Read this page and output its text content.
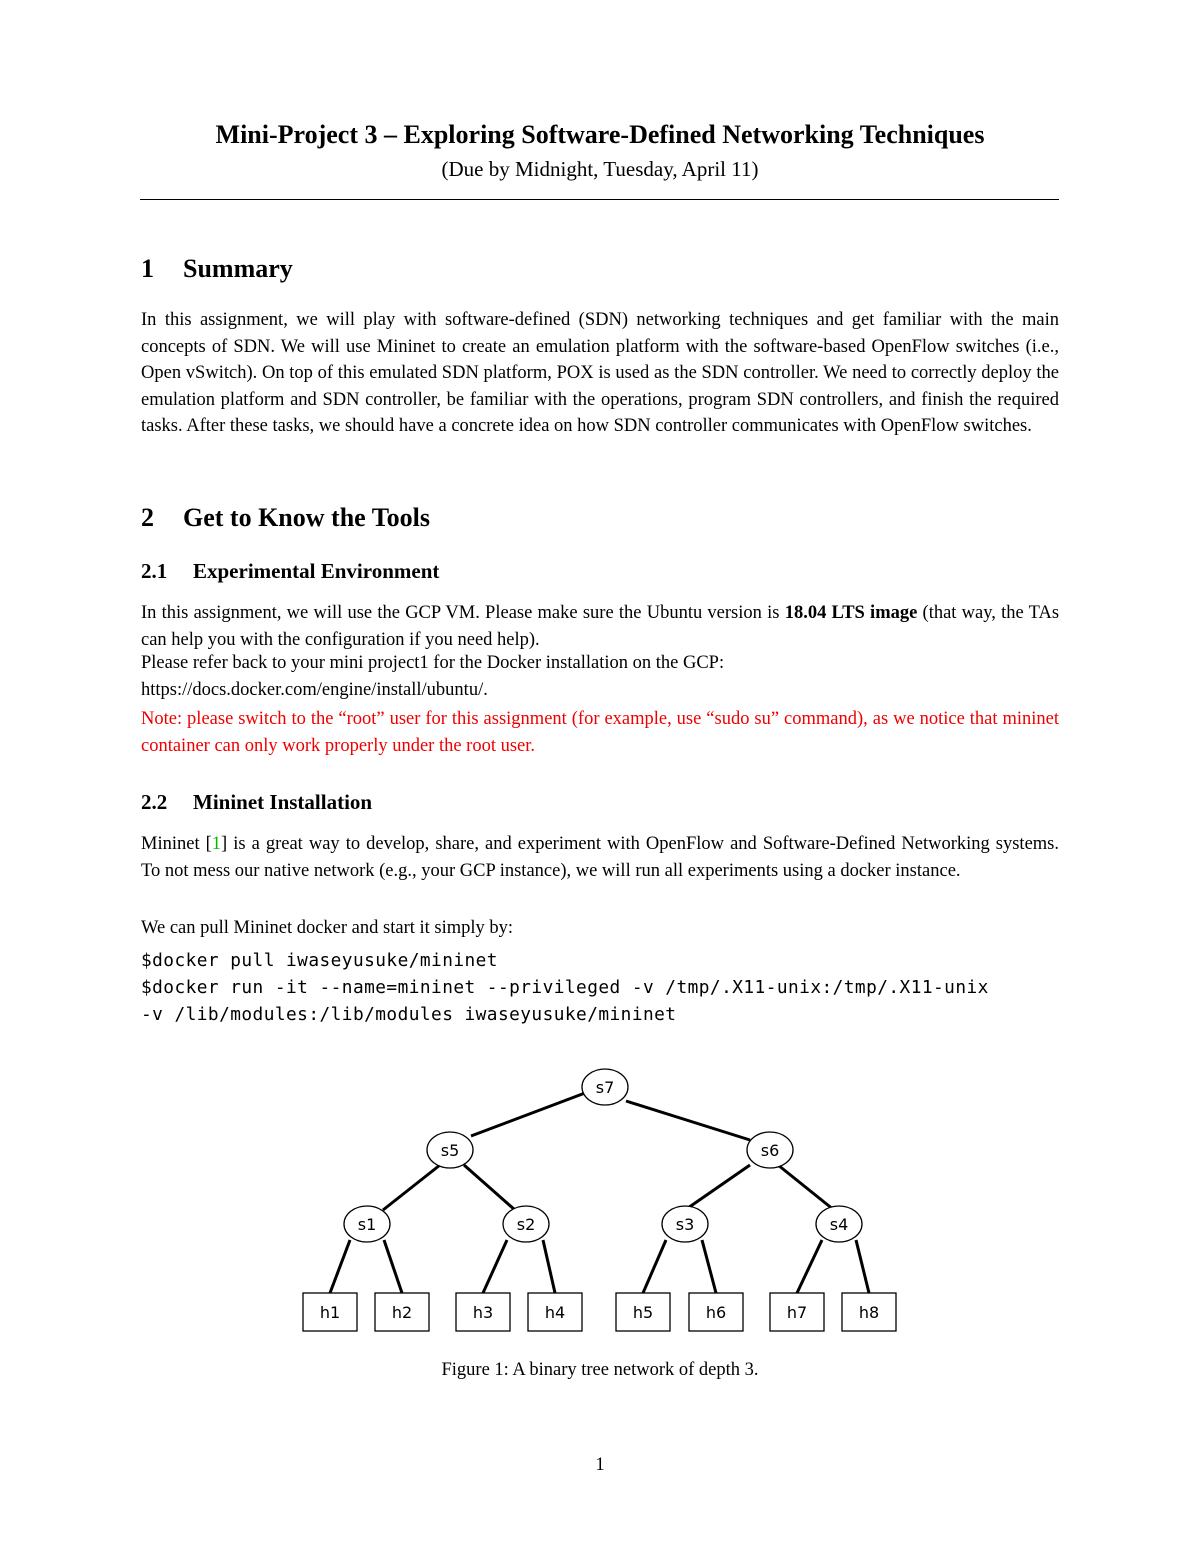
Mini-Project 3 – Exploring Software-Defined Networking Techniques
(Due by Midnight, Tuesday, April 11)
1 Summary
In this assignment, we will play with software-defined (SDN) networking techniques and get familiar with the main concepts of SDN. We will use Mininet to create an emulation platform with the software-based OpenFlow switches (i.e., Open vSwitch). On top of this emulated SDN platform, POX is used as the SDN controller. We need to correctly deploy the emulation platform and SDN controller, be familiar with the operations, program SDN controllers, and finish the required tasks. After these tasks, we should have a concrete idea on how SDN controller communicates with OpenFlow switches.
2 Get to Know the Tools
2.1 Experimental Environment
In this assignment, we will use the GCP VM. Please make sure the Ubuntu version is 18.04 LTS image (that way, the TAs can help you with the configuration if you need help).
Please refer back to your mini project1 for the Docker installation on the GCP:
https://docs.docker.com/engine/install/ubuntu/.
Note: please switch to the “root” user for this assignment (for example, use “sudo su” command), as we notice that mininet container can only work properly under the root user.
2.2 Mininet Installation
Mininet [1] is a great way to develop, share, and experiment with OpenFlow and Software-Defined Networking systems. To not mess our native network (e.g., your GCP instance), we will run all experiments using a docker instance.
We can pull Mininet docker and start it simply by:
$docker pull iwaseyusuke/mininet
$docker run -it --name=mininet --privileged -v /tmp/.X11-unix:/tmp/.X11-unix
-v /lib/modules:/lib/modules iwaseyusuke/mininet
s7
s5	s6
s1	s2	s3	s4
h1	h2	h3	h4	h5	h6	h7	h8
Figure 1: A binary tree network of depth 3.
1
